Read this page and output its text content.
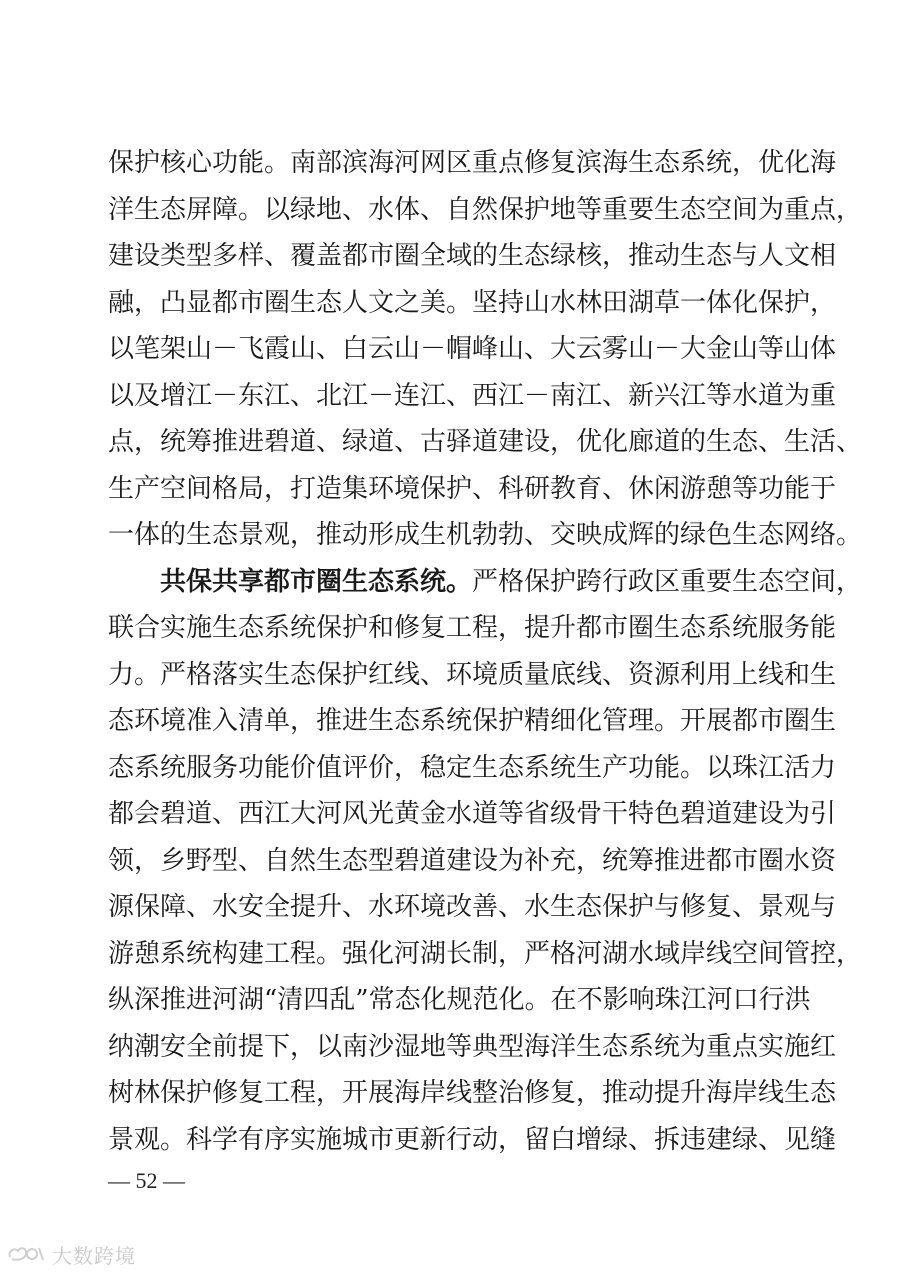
保护核心功能。南部滨海河网区重点修复滨海生态系统，优化海
洋生态屏障。以绿地、水体、自然保护地等重要生态空间为重点，
建设类型多样、覆盖都市圈全域的生态绿核，推动生态与人文相
融，凸显都市圈生态人文之美。坚持山水林田湖草一体化保护，
以笔架山－飞霞山、白云山－帽峰山、大云雾山－大金山等山体
以及增江－东江、北江－连江、西江－南江、新兴江等水道为重
点，统筹推进碧道、绿道、古驿道建设，优化廊道的生态、生活、
生产空间格局，打造集环境保护、科研教育、休闲游憩等功能于
一体的生态景观，推动形成生机勃勃、交映成辉的绿色生态网络。
共保共享都市圈生态系统。严格保护跨行政区重要生态空间，
联合实施生态系统保护和修复工程，提升都市圈生态系统服务能
力。严格落实生态保护红线、环境质量底线、资源利用上线和生
态环境准入清单，推进生态系统保护精细化管理。开展都市圈生
态系统服务功能价值评价，稳定生态系统生产功能。以珠江活力
都会碧道、西江大河风光黄金水道等省级骨干特色碧道建设为引
领，乡野型、自然生态型碧道建设为补充，统筹推进都市圈水资
源保障、水安全提升、水环境改善、水生态保护与修复、景观与
游憩系统构建工程。强化河湖长制，严格河湖水域岸线空间管控，
纵深推进河湖“清四乱”常态化规范化。在不影响珠江河口行洪
纳潮安全前提下，以南沙湿地等典型海洋生态系统为重点实施红
树林保护修复工程，开展海岸线整治修复，推动提升海岸线生态
景观。科学有序实施城市更新行动，留白增绿、拆违建绿、见缝
— 52 —
大数跨境
